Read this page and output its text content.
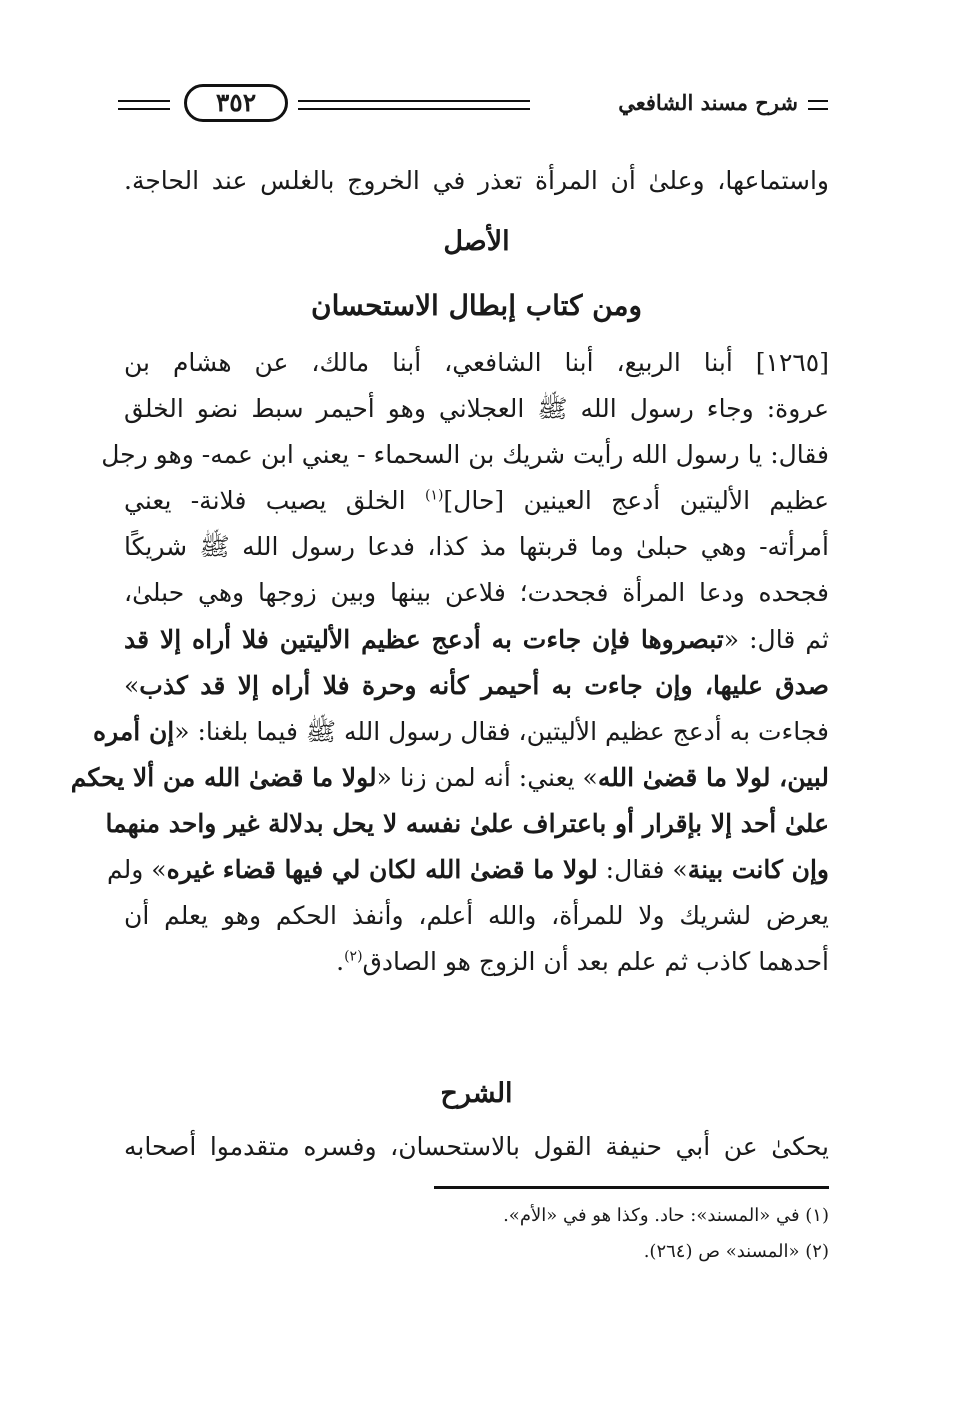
شرح مسند الشافعي
٣٥٢
واستماعها، وعلىٰ أن المرأة تعذر في الخروج بالغلس عند الحاجة.
الأصل
ومن كتاب إبطال الاستحسان
[١٢٦٥] أبنا الربيع، أبنا الشافعي، أبنا مالك، عن هشام بن
عروة: وجاء رسول الله ﷺ العجلاني وهو أحيمر سبط نضو الخلق
فقال: يا رسول الله رأيت شريك بن السحماء - يعني ابن عمه- وهو رجل
عظيم الأليتين أدعج العينين [حال]$^{(١)}$ الخلق يصيب فلانة- يعني
أمرأته- وهي حبلىٰ وما قربتها مذ كذا، فدعا رسول الله ﷺ شريكًا
فجحده ودعا المرأة فجحدت؛ فلاعن بينها وبين زوجها وهي حبلىٰ،
ثم قال: «تبصروها فإن جاءت به أدعج عظيم الأليتين فلا أراه إلا قد
صدق عليها، وإن جاءت به أحيمر كأنه وحرة فلا أراه إلا قد كذب»
فجاءت به أدعج عظيم الأليتين، فقال رسول الله ﷺ فيما بلغنا: «إن أمره
لبين، لولا ما قضىٰ الله» يعني: أنه لمن زنا «لولا ما قضىٰ الله من ألا يحكم
علىٰ أحد إلا بإقرار أو باعتراف علىٰ نفسه لا يحل بدلالة غير واحد منهما
وإن كانت بينة» فقال: لولا ما قضىٰ الله لكان لي فيها قضاء غيره» ولم
يعرض لشريك ولا للمرأة، والله أعلم، وأنفذ الحكم وهو يعلم أن
أحدهما كاذب ثم علم بعد أن الزوج هو الصادق$^{(٢)}$.
الشرح
يحكىٰ عن أبي حنيفة القول بالاستحسان، وفسره متقدموا أصحابه
(١) في «المسند»: حاد. وكذا هو في «الأم».
(٢) «المسند» ص (٢٦٤).
